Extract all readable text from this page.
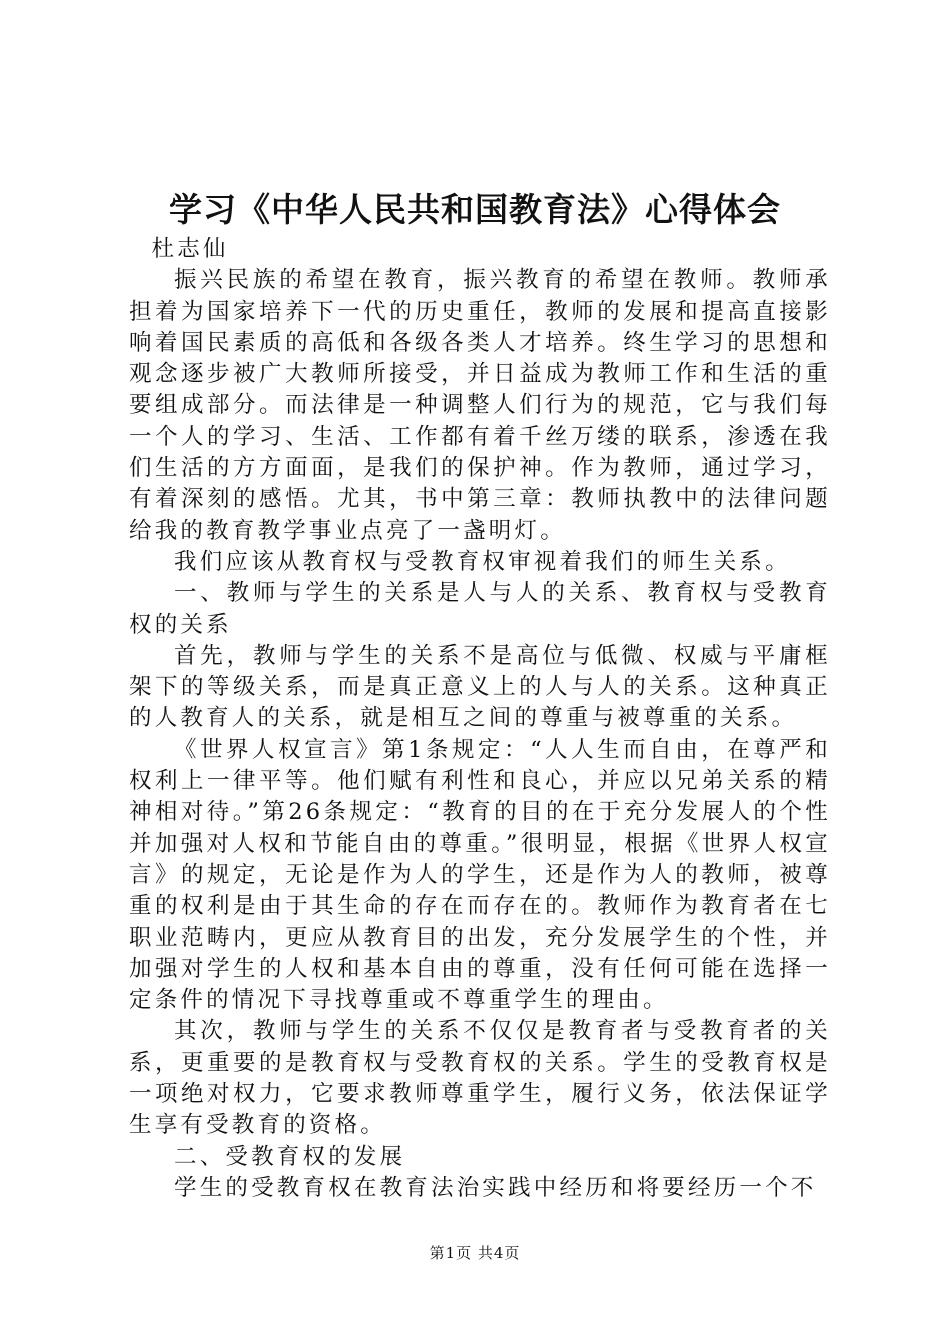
学习《中华人民共和国教育法》心得体会

杜志仙

振兴民族的希望在教育，振兴教育的希望在教师。教师承担着为国家培养下一代的历史重任，教师的发展和提高直接影响着国民素质的高低和各级各类人才培养。终生学习的思想和观念逐步被广大教师所接受，并日益成为教师工作和生活的重要组成部分。而法律是一种调整人们行为的规范，它与我们每一个人的学习、生活、工作都有着千丝万缕的联系，渗透在我们生活的方方面面，是我们的保护神。作为教师，通过学习，有着深刻的感悟。尤其，书中第三章：教师执教中的法律问题给我的教育教学事业点亮了一盏明灯。

我们应该从教育权与受教育权审视着我们的师生关系。

一、教师与学生的关系是人与人的关系、教育权与受教育权的关系

首先，教师与学生的关系不是高位与低微、权威与平庸框架下的等级关系，而是真正意义上的人与人的关系。这种真正的人教育人的关系，就是相互之间的尊重与被尊重的关系。

《世界人权宣言》第1条规定：“人人生而自由，在尊严和权利上一律平等。他们赋有利性和良心，并应以兄弟关系的精神相对待。”第26条规定：“教育的目的在于充分发展人的个性并加强对人权和节能自由的尊重。”很明显，根据《世界人权宣言》的规定，无论是作为人的学生，还是作为人的教师，被尊重的权利是由于其生命的存在而存在的。教师作为教育者在七职业范畴内，更应从教育目的出发，充分发展学生的个性，并加强对学生的人权和基本自由的尊重，没有任何可能在选择一定条件的情况下寻找尊重或不尊重学生的理由。

其次，教师与学生的关系不仅仅是教育者与受教育者的关系，更重要的是教育权与受教育权的关系。学生的受教育权是一项绝对权力，它要求教师尊重学生，履行义务，依法保证学生享有受教育的资格。

二、受教育权的发展

学生的受教育权在教育法治实践中经历和将要经历一个不

第1页 共4页
